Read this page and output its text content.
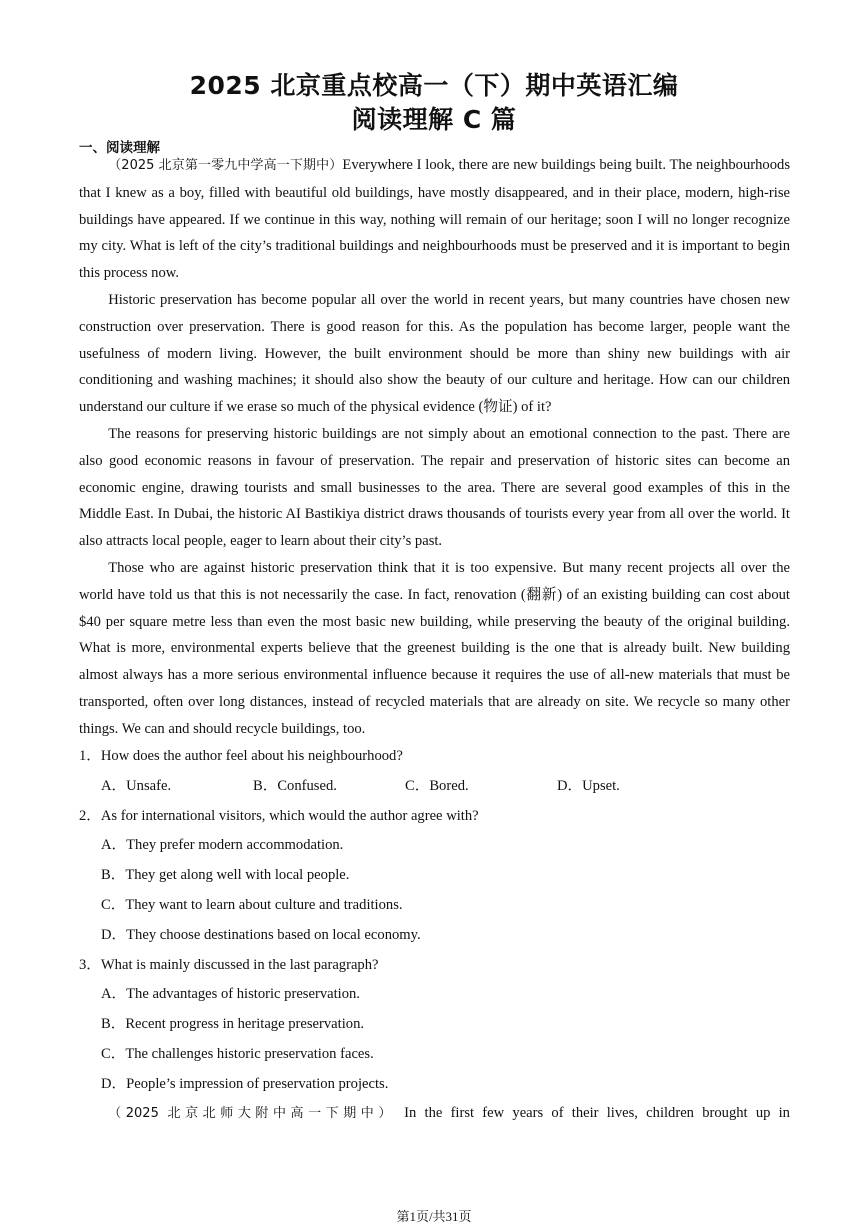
2025 北京重点校高一（下）期中英语汇编
阅读理解 C 篇
一、阅读理解

（2025 北京第一零九中学高一下期中）Everywhere I look, there are new buildings being built. The neighbourhoods that I knew as a boy, filled with beautiful old buildings, have mostly disappeared, and in their place, modern, high-rise buildings have appeared. If we continue in this way, nothing will remain of our heritage; soon I will no longer recognize my city. What is left of the city’s traditional buildings and neighbourhoods must be preserved and it is important to begin this process now.

Historic preservation has become popular all over the world in recent years, but many countries have chosen new construction over preservation. There is good reason for this. As the population has become larger, people want the usefulness of modern living. However, the built environment should be more than shiny new buildings with air conditioning and washing machines; it should also show the beauty of our culture and heritage. How can our children understand our culture if we erase so much of the physical evidence (物证) of it?

The reasons for preserving historic buildings are not simply about an emotional connection to the past. There are also good economic reasons in favour of preservation. The repair and preservation of historic sites can become an economic engine, drawing tourists and small businesses to the area. There are several good examples of this in the Middle East. In Dubai, the historic AI Bastikiya district draws thousands of tourists every year from all over the world. It also attracts local people, eager to learn about their city’s past.

Those who are against historic preservation think that it is too expensive. But many recent projects all over the world have told us that this is not necessarily the case. In fact, renovation (翻新) of an existing building can cost about $40 per square metre less than even the most basic new building, while preserving the beauty of the original building. What is more, environmental experts believe that the greenest building is the one that is already built. New building almost always has a more serious environmental influence because it requires the use of all-new materials that must be transported, often over long distances, instead of recycled materials that are already on site. We recycle so many other things. We can and should recycle buildings, too.

1．How does the author feel about his neighbourhood?
A．Unsafe.	B．Confused.	C．Bored.	D．Upset.
2．As for international visitors, which would the author agree with?
A．They prefer modern accommodation.
B．They get along well with local people.
C．They want to learn about culture and traditions.
D．They choose destinations based on local economy.
3．What is mainly discussed in the last paragraph?
A．The advantages of historic preservation.
B．Recent progress in heritage preservation.
C．The challenges historic preservation faces.
D．People’s impression of preservation projects.
（2025 北京北师大附中高一下期中） In the first few years of their lives, children brought up in
第1页/共31页
